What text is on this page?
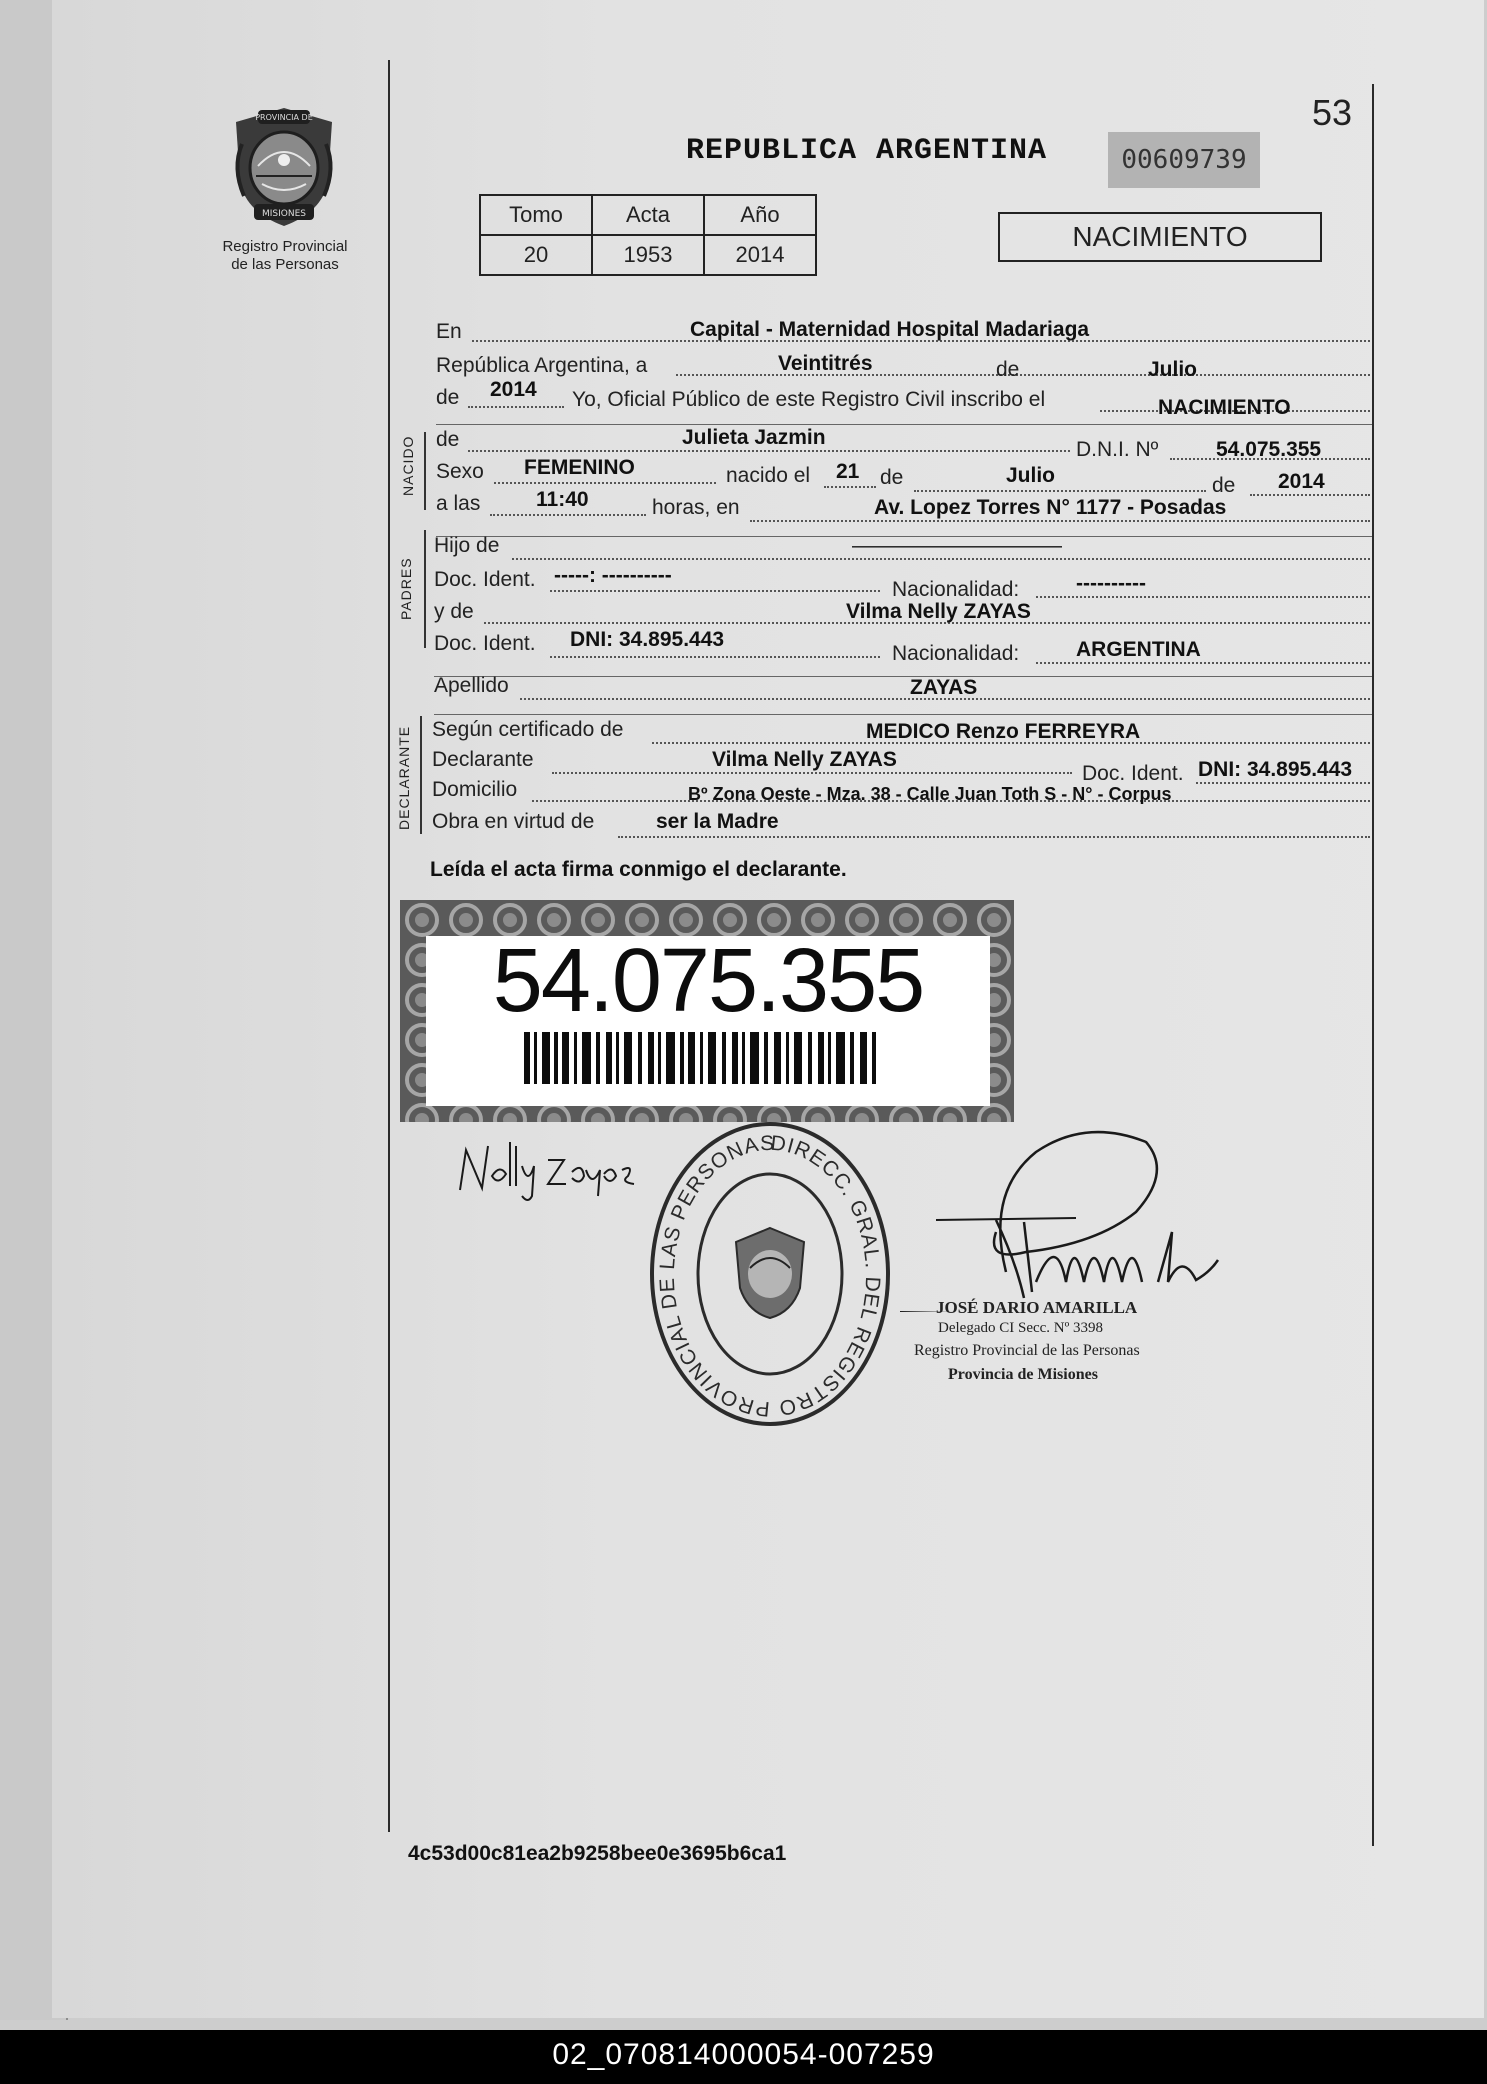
PROVINCIA DE
MISIONES
Registro Provincial
de las Personas
53
REPUBLICA ARGENTINA	00609739
Tomo	Acta	Año
20	1953	2014
NACIMIENTO
En	Capital - Maternidad Hospital Madariaga
República Argentina, a	Veintitrés	de	Julio
de 2014 Yo, Oficial Público de este Registro Civil inscribo el	NACIMIENTO
NACIDO de	Julieta Jazmin
D.N.I. Nº	54.075.355
Sexo FEMENINO	nacido el 21 de	Julio	de 2014
a las	11:40	horas, en	Av. Lopez Torres N° 1177 - Posadas
PADRES
Hijo de	——————————
Doc. Ident. -----: ----------
Nacionalidad:	----------
y de	Vilma Nelly ZAYAS
Doc. Ident. DNI: 34.895.443
Nacionalidad:	ARGENTINA
Apellido	ZAYAS
DECLARANTE Según certificado de	MEDICO Renzo FERREYRA
Declarante	Vilma Nelly ZAYAS
Doc. Ident. DNI: 34.895.443
Domicilio	Bº Zona Oeste - Mza. 38 - Calle Juan Toth S - N° - Corpus
Obra en virtud de	ser la Madre
Leída el acta firma conmigo el declarante.
54.075.355
DIRECC. GRAL. DEL REGISTRO PROVINCIAL DE LAS PERSONAS
JOSÉ DARIO AMARILLA
Delegado CI Secc. Nº 3398
Registro Provincial de las Personas
Provincia de Misiones
4c53d00c81ea2b9258bee0e3695b6ca1
02_070814000054-007259
